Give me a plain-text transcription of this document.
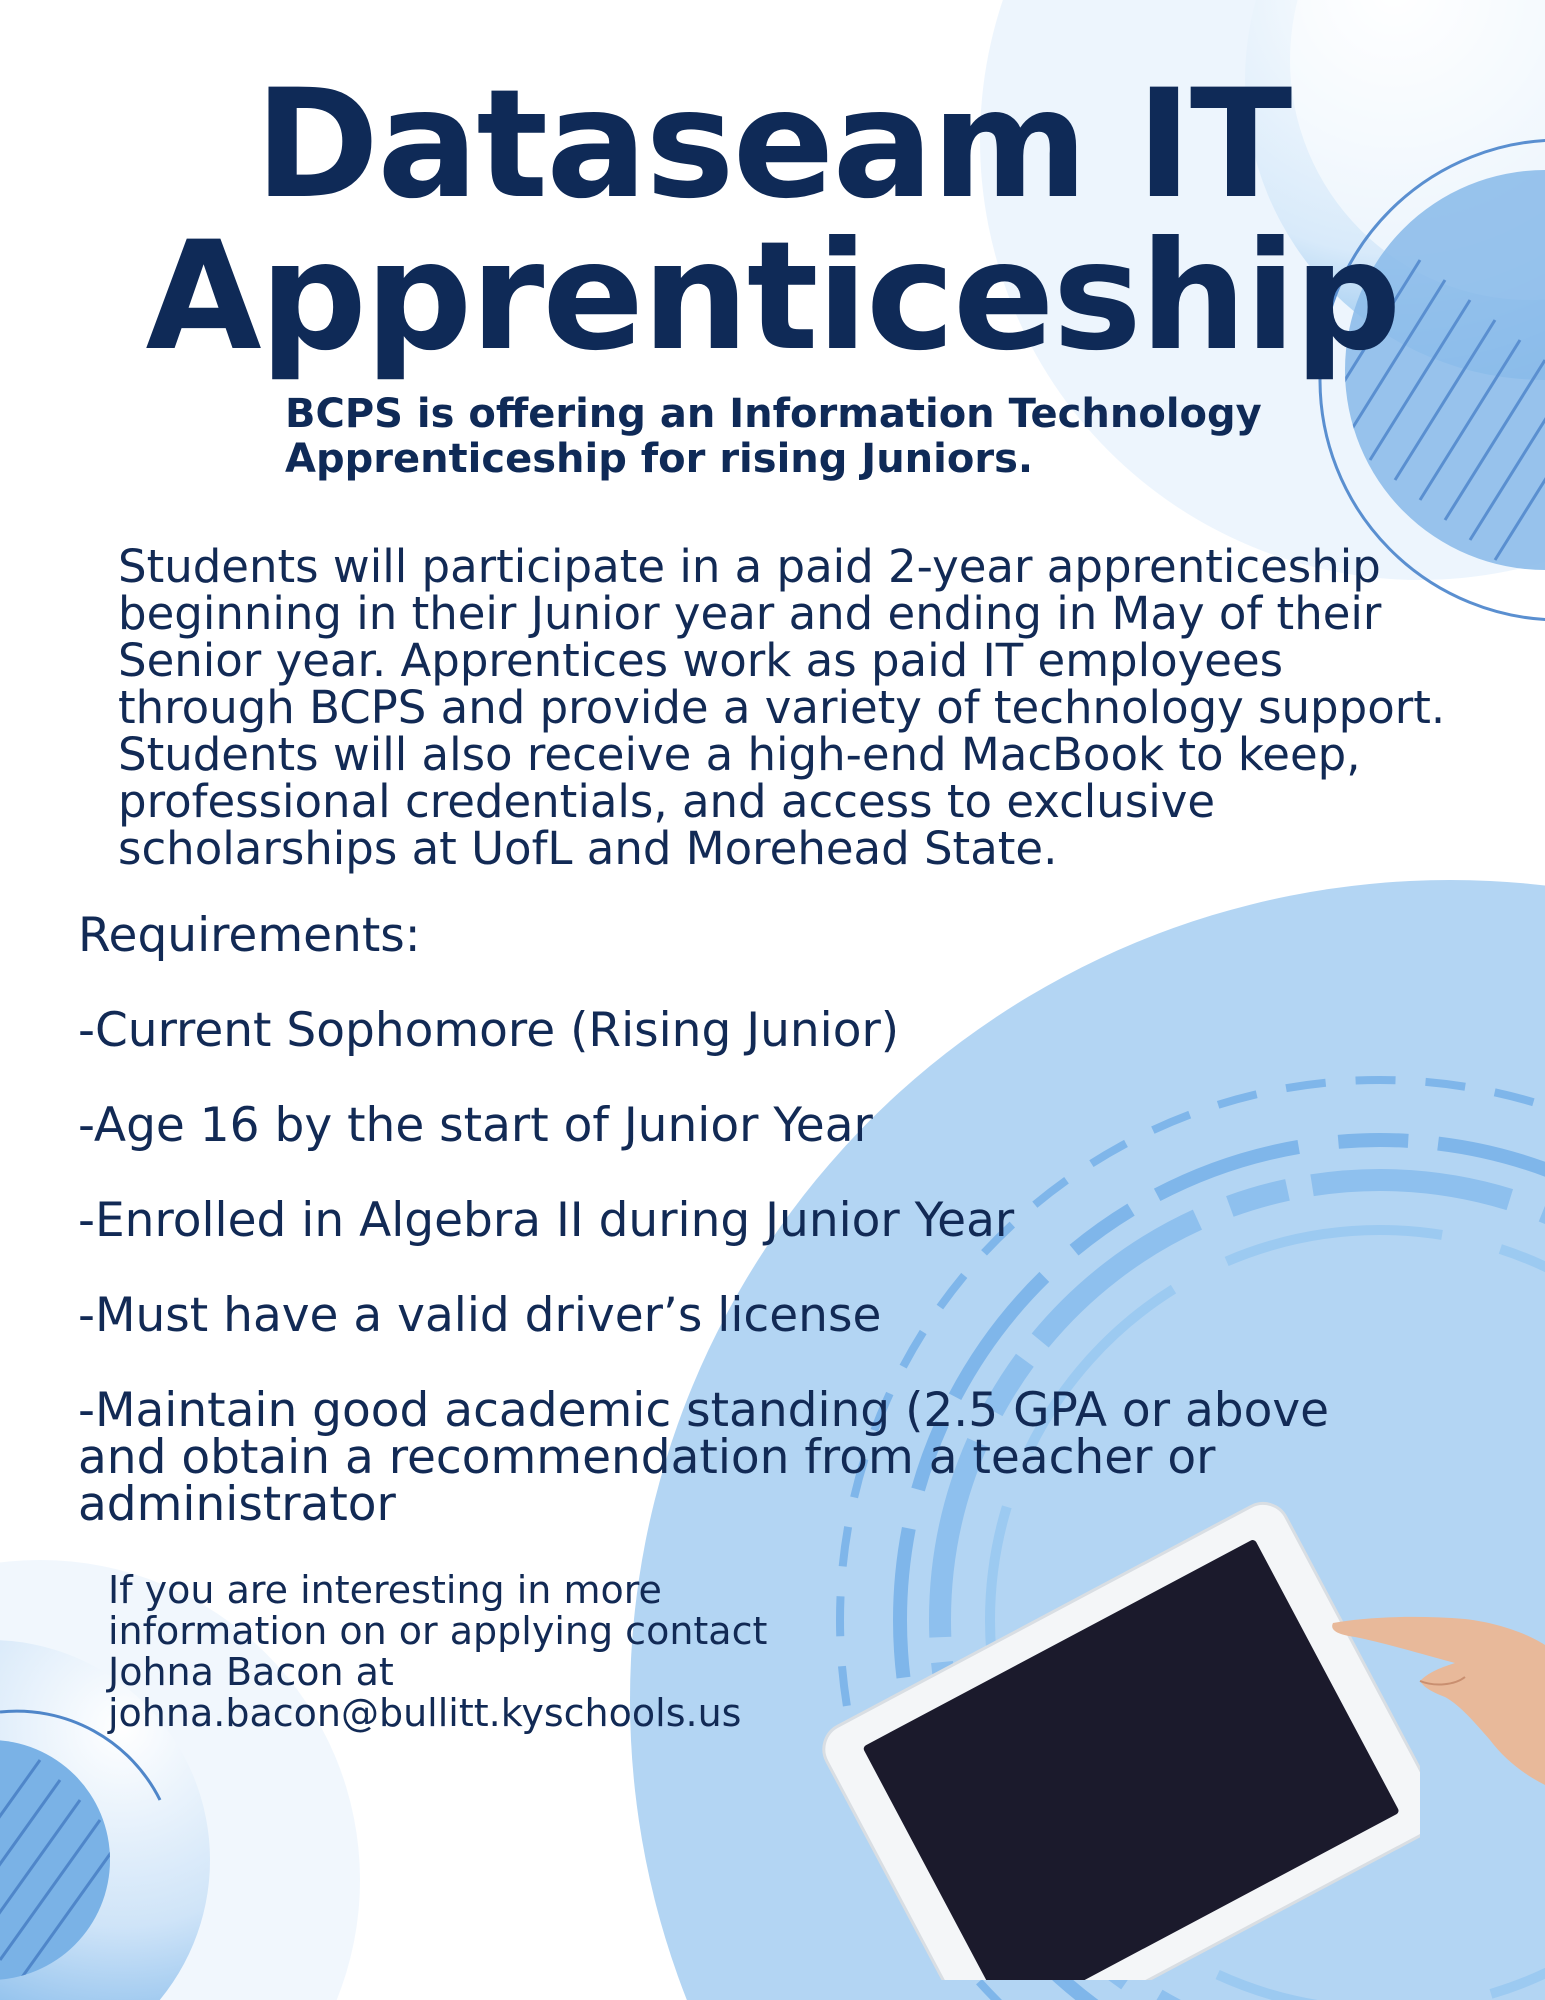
Dataseam IT
Apprenticeship
BCPS is offering an Information Technology Apprenticeship for rising Juniors.
Students will participate in a paid 2-year apprenticeship beginning in their Junior year and ending in May of their Senior year. Apprentices work as paid IT employees through BCPS and provide a variety of technology support. Students will also receive a high-end MacBook to keep, professional credentials, and access to exclusive scholarships at UofL and Morehead State.
Requirements:
-Current Sophomore (Rising Junior)
-Age 16 by the start of Junior Year
-Enrolled in Algebra II during Junior Year
-Must have a valid driver’s license
-Maintain good academic standing (2.5 GPA or above and obtain a recommendation from a teacher or administrator
If you are interesting in more information on or applying contact Johna Bacon at johna.bacon@bullitt.kyschools.us
